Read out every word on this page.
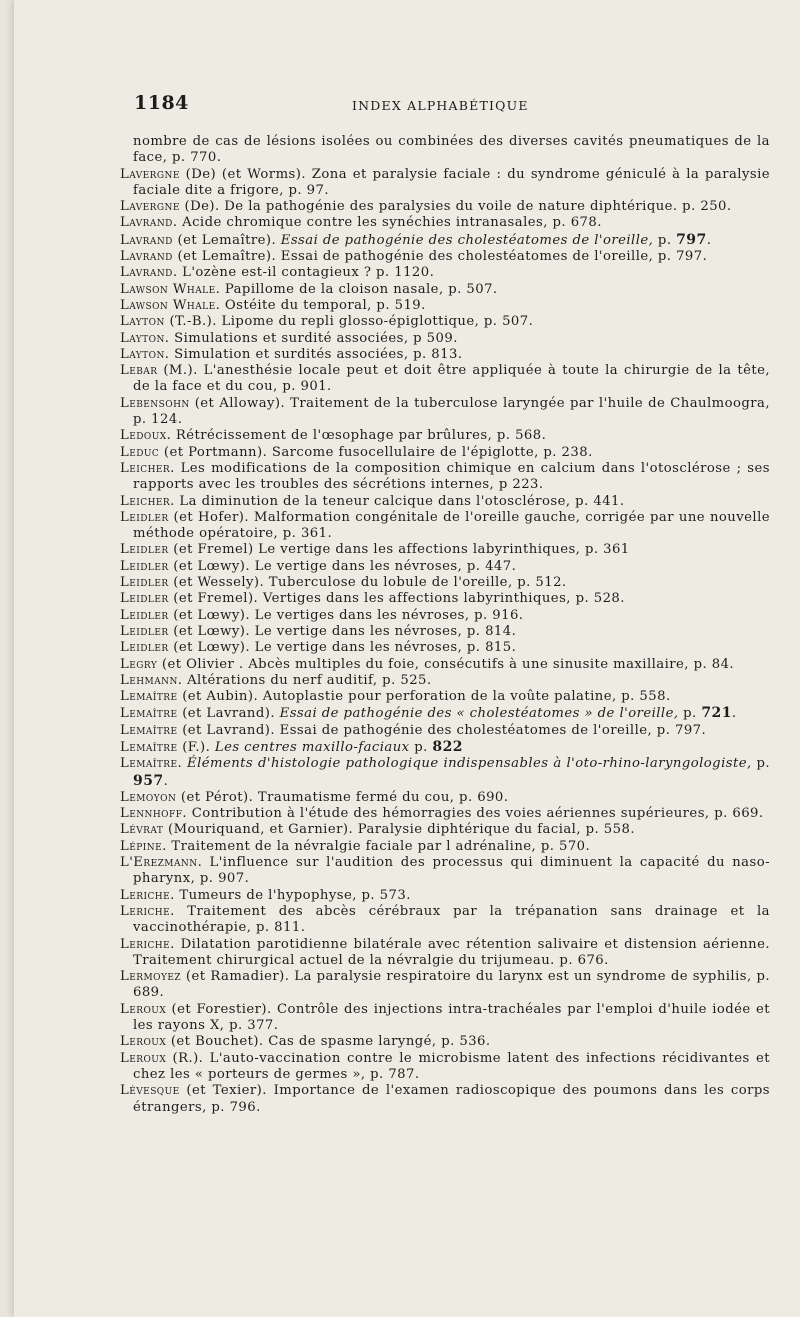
1184	INDEX ALPHABÉTIQUE

nombre de cas de lésions isolées ou combinées des diverses cavités pneumatiques de la face, p. 770.

Lavergne (De) (et Worms). Zona et paralysie faciale : du syndrome géniculé à la paralysie faciale dite a frigore, p. 97.

Lavergne (De). De la pathogénie des paralysies du voile de nature diphtérique. p. 250.

Lavrand. Acide chromique contre les synéchies intranasales, p. 678.

Lavrand (et Lemaître). Essai de pathogénie des cholestéatomes de l'oreille, p. 797.

Lavrand (et Lemaître). Essai de pathogénie des cholestéatomes de l'oreille, p. 797.

Lavrand. L'ozène est-il contagieux ? p. 1120.

Lawson Whale. Papillome de la cloison nasale, p. 507.

Lawson Whale. Ostéite du temporal, p. 519.

Layton (T.-B.). Lipome du repli glosso-épiglottique, p. 507.

Layton. Simulations et surdité associées, p 509.

Layton. Simulation et surdités associées, p. 813.

Lebar (M.). L'anesthésie locale peut et doit être appliquée à toute la chirurgie de la tête, de la face et du cou, p. 901.

Lebensohn (et Alloway). Traitement de la tuberculose laryngée par l'huile de Chaulmoogra, p. 124.

Ledoux. Rétrécissement de l'œsophage par brûlures, p. 568.

Leduc (et Portmann). Sarcome fusocellulaire de l'épiglotte, p. 238.

Leicher. Les modifications de la composition chimique en calcium dans l'otosclérose ; ses rapports avec les troubles des sécrétions internes, p 223.

Leicher. La diminution de la teneur calcique dans l'otosclérose, p. 441.

Leidler (et Hofer). Malformation congénitale de l'oreille gauche, corrigée par une nouvelle méthode opératoire, p. 361.

Leidler (et Fremel) Le vertige dans les affections labyrinthiques, p. 361

Leidler (et Lœwy). Le vertige dans les névroses, p. 447.

Leidler (et Wessely). Tuberculose du lobule de l'oreille, p. 512.

Leidler (et Fremel). Vertiges dans les affections labyrinthiques, p. 528.

Leidler (et Lœwy). Le vertiges dans les névroses, p. 916.

Leidler (et Lœwy). Le vertige dans les névroses, p. 814.

Leidler (et Lœwy). Le vertige dans les névroses, p. 815.

Legry (et Olivier . Abcès multiples du foie, consécutifs à une sinusite maxillaire, p. 84.

Lehmann. Altérations du nerf auditif, p. 525.

Lemaître (et Aubin). Autoplastie pour perforation de la voûte palatine, p. 558.

Lemaître (et Lavrand). Essai de pathogénie des « cholestéatomes » de l'oreille, p. 721.

Lemaître (et Lavrand). Essai de pathogénie des cholestéatomes de l'oreille, p. 797.

Lemaître (F.). Les centres maxillo-faciaux p. 822

Lemaître. Éléments d'histologie pathologique indispensables à l'oto-rhino-laryngologiste, p. 957.

Lemoyon (et Pérot). Traumatisme fermé du cou, p. 690.

Lennhoff. Contribution à l'étude des hémorragies des voies aériennes supérieures, p. 669.

Lévrat (Mouriquand, et Garnier). Paralysie diphtérique du facial, p. 558.

Lépine. Traitement de la névralgie faciale par l adrénaline, p. 570.

L'Erezmann. L'influence sur l'audition des processus qui diminuent la capacité du naso-pharynx, p. 907.

Leriche. Tumeurs de l'hypophyse, p. 573.

Leriche. Traitement des abcès cérébraux par la trépanation sans drainage et la vaccinothérapie, p. 811.

Leriche. Dilatation parotidienne bilatérale avec rétention salivaire et distension aérienne. Traitement chirurgical actuel de la névralgie du trijumeau. p. 676.

Lermoyez (et Ramadier). La paralysie respiratoire du larynx est un syndrome de syphilis, p. 689.

Leroux (et Forestier). Contrôle des injections intra-trachéales par l'emploi d'huile iodée et les rayons X, p. 377.

Leroux (et Bouchet). Cas de spasme laryngé, p. 536.

Leroux (R.). L'auto-vaccination contre le microbisme latent des infections récidivantes et chez les « porteurs de germes », p. 787.

Lévesque (et Texier). Importance de l'examen radioscopique des poumons dans les corps étrangers, p. 796.
